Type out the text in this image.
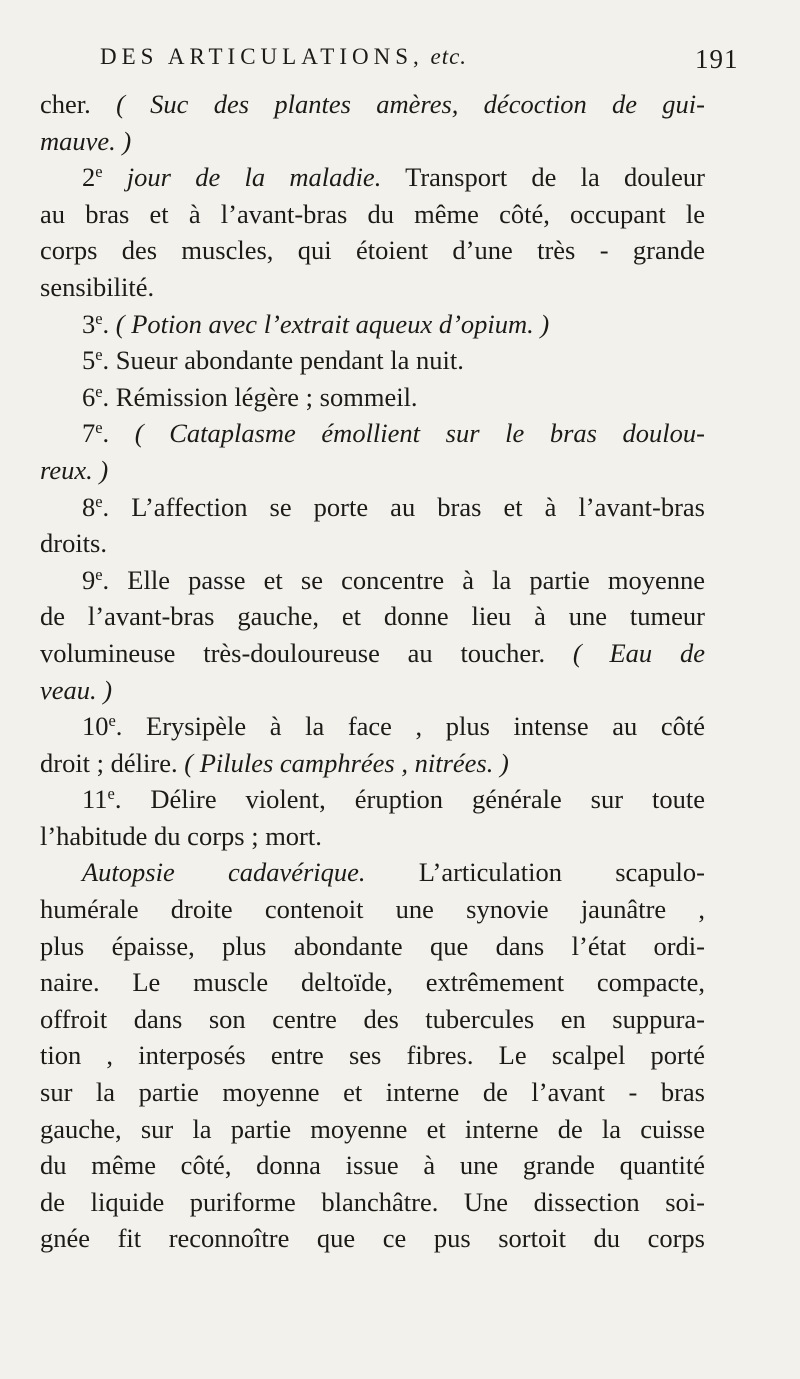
DES ARTICULATIONS, etc.	191
cher. ( Suc des plantes amères, décoction de gui-
mauve. )
2e jour de la maladie. Transport de la douleur
au bras et à l’avant-bras du même côté, occupant le
corps des muscles, qui étoient d’une très - grande
sensibilité.
3e. ( Potion avec l’extrait aqueux d’opium. )
5e. Sueur abondante pendant la nuit.
6e. Rémission légère ; sommeil.
7e. ( Cataplasme émollient sur le bras doulou-
reux. )
8e. L’affection se porte au bras et à l’avant-bras
droits.
9e. Elle passe et se concentre à la partie moyenne
de l’avant-bras gauche, et donne lieu à une tumeur
volumineuse très-douloureuse au toucher. ( Eau de
veau. )
10e. Erysipèle à la face , plus intense au côté
droit ; délire. ( Pilules camphrées , nitrées. )
11e. Délire violent, éruption générale sur toute
l’habitude du corps ; mort.
Autopsie cadavérique. L’articulation scapulo-
humérale droite contenoit une synovie jaunâtre ,
plus épaisse, plus abondante que dans l’état ordi-
naire. Le muscle deltoïde, extrêmement compacte,
offroit dans son centre des tubercules en suppura-
tion , interposés entre ses fibres. Le scalpel porté
sur la partie moyenne et interne de l’avant - bras
gauche, sur la partie moyenne et interne de la cuisse
du même côté, donna issue à une grande quantité
de liquide puriforme blanchâtre. Une dissection soi-
gnée fit reconnoître que ce pus sortoit du corps
